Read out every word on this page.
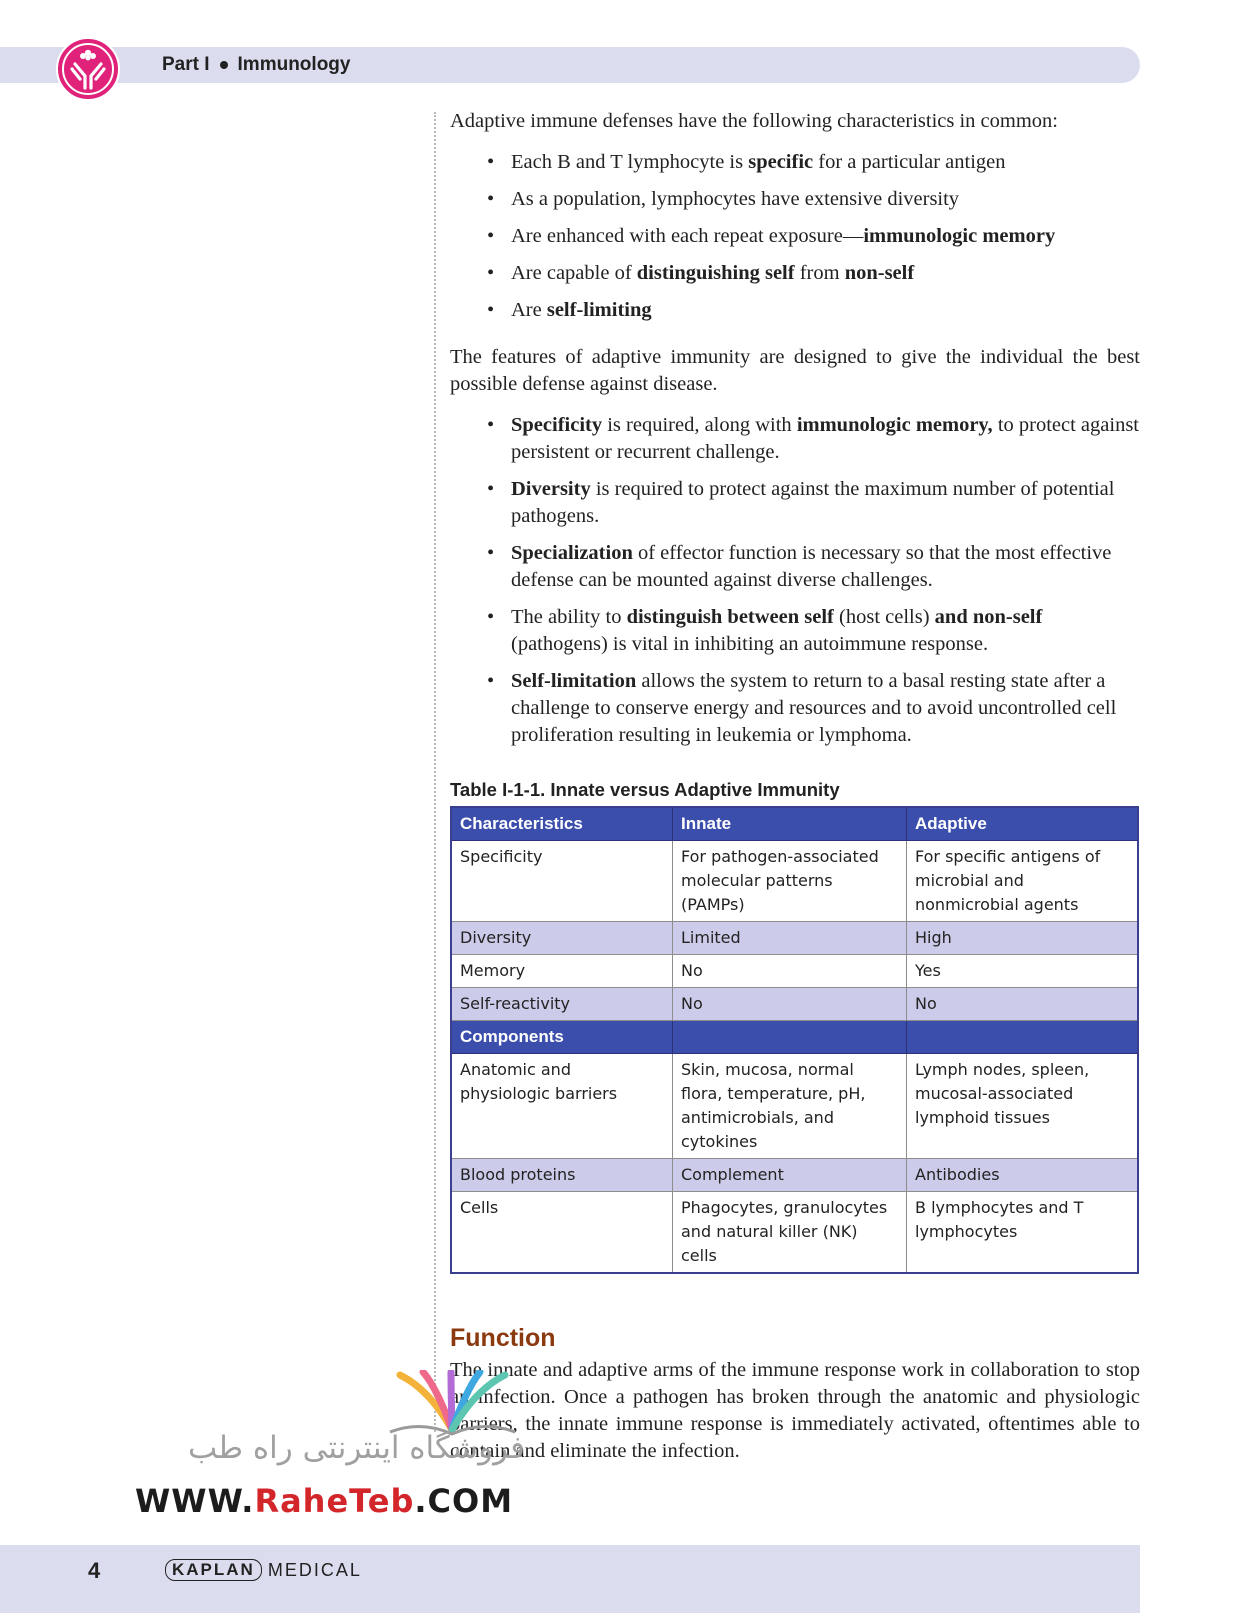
Part I Immunology

Adaptive immune defenses have the following characteristics in common:

• Each B and T lymphocyte is specific for a particular antigen
• As a population, lymphocytes have extensive diversity
• Are enhanced with each repeat exposure—immunologic memory
• Are capable of distinguishing self from non-self
• Are self-limiting

The features of adaptive immunity are designed to give the individual the best possible defense against disease.

• Specificity is required, along with immunologic memory, to protect against persistent or recurrent challenge.
• Diversity is required to protect against the maximum number of potential pathogens.
• Specialization of effector function is necessary so that the most effective defense can be mounted against diverse challenges.
• The ability to distinguish between self (host cells) and non-self (pathogens) is vital in inhibiting an autoimmune response.
• Self-limitation allows the system to return to a basal resting state after a challenge to conserve energy and resources and to avoid uncontrolled cell proliferation resulting in leukemia or lymphoma.
Table I-1-1. Innate versus Adaptive Immunity
Characteristics	Innate	Adaptive
Specificity	For pathogen-associated molecular patterns (PAMPs)	For specific antigens of microbial and nonmicrobial agents
Diversity	Limited	High
Memory	No	Yes
Self-reactivity	No	No
Components		
Anatomic and physiologic barriers	Skin, mucosa, normal flora, temperature, pH, antimicrobials, and cytokines	Lymph nodes, spleen, mucosal-associated lymphoid tissues
Blood proteins	Complement	Antibodies
Cells	Phagocytes, granulocytes and natural killer (NK) cells	B lymphocytes and T lymphocytes
Function

The innate and adaptive arms of the immune response work in collaboration to stop an infection. Once a pathogen has broken through the anatomic and physiologic barriers, the innate immune response is immediately activated, oftentimes able to contain and eliminate the infection.

فروشگاه اینترنتی راه طب
WWW.RaheTeb.COM
4	KAPLAN MEDICAL
